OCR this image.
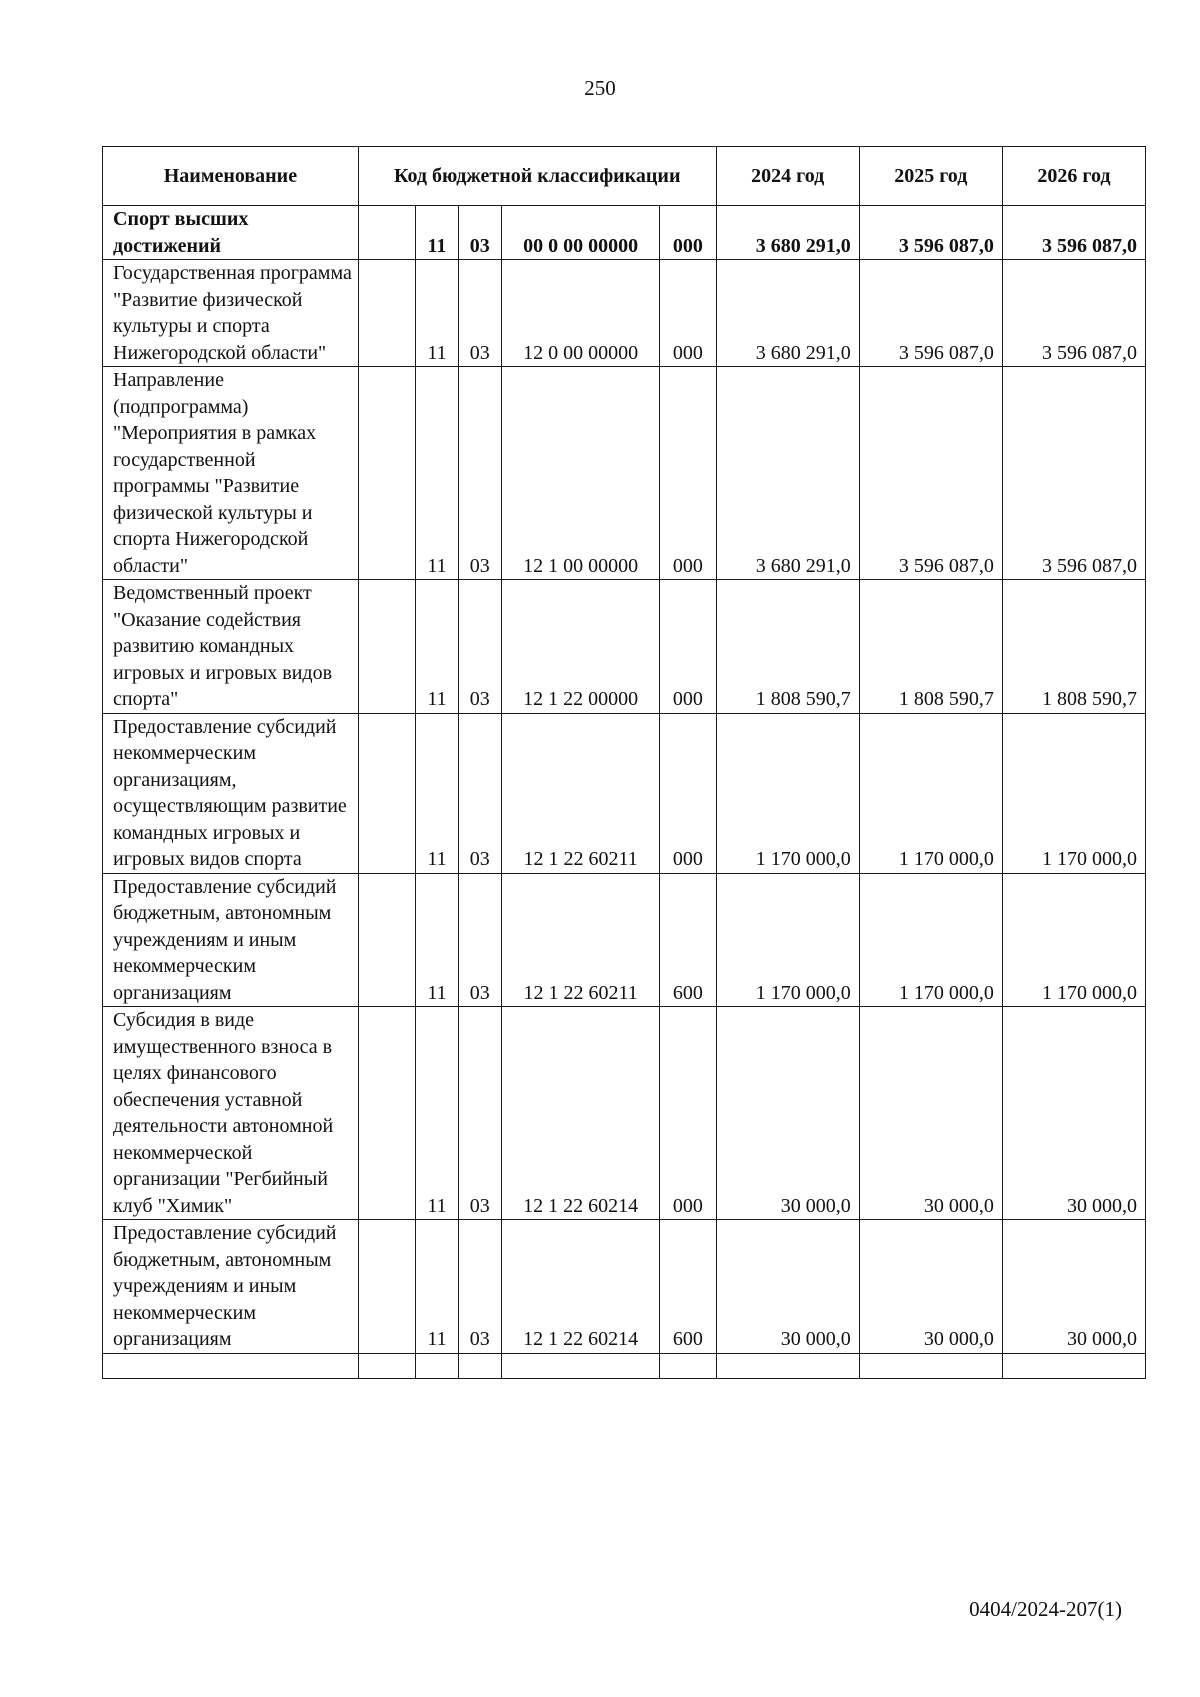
250
Наименование	Код бюджетной классификации					2024 год	2025 год	2026 год
Спорт высших достижений		11	03	00 0 00 00000	000	3 680 291,0	3 596 087,0	3 596 087,0
Государственная программа "Развитие физической культуры и спорта Нижегородской области"		11	03	12 0 00 00000	000	3 680 291,0	3 596 087,0	3 596 087,0
Направление (подпрограмма) "Мероприятия в рамках государственной программы "Развитие физической культуры и спорта Нижегородской области"		11	03	12 1 00 00000	000	3 680 291,0	3 596 087,0	3 596 087,0
Ведомственный проект "Оказание содействия развитию командных игровых и игровых видов спорта"		11	03	12 1 22 00000	000	1 808 590,7	1 808 590,7	1 808 590,7
Предоставление субсидий некоммерческим организациям, осуществляющим развитие командных игровых и игровых видов спорта		11	03	12 1 22 60211	000	1 170 000,0	1 170 000,0	1 170 000,0
Предоставление субсидий бюджетным, автономным учреждениям и иным некоммерческим организациям		11	03	12 1 22 60211	600	1 170 000,0	1 170 000,0	1 170 000,0
Субсидия в виде имущественного взноса в целях финансового обеспечения уставной деятельности автономной некоммерческой организации "Регбийный клуб "Химик"		11	03	12 1 22 60214	000	30 000,0	30 000,0	30 000,0
Предоставление субсидий бюджетным, автономным учреждениям и иным некоммерческим организациям		11	03	12 1 22 60214	600	30 000,0	30 000,0	30 000,0

0404/2024-207(1)
